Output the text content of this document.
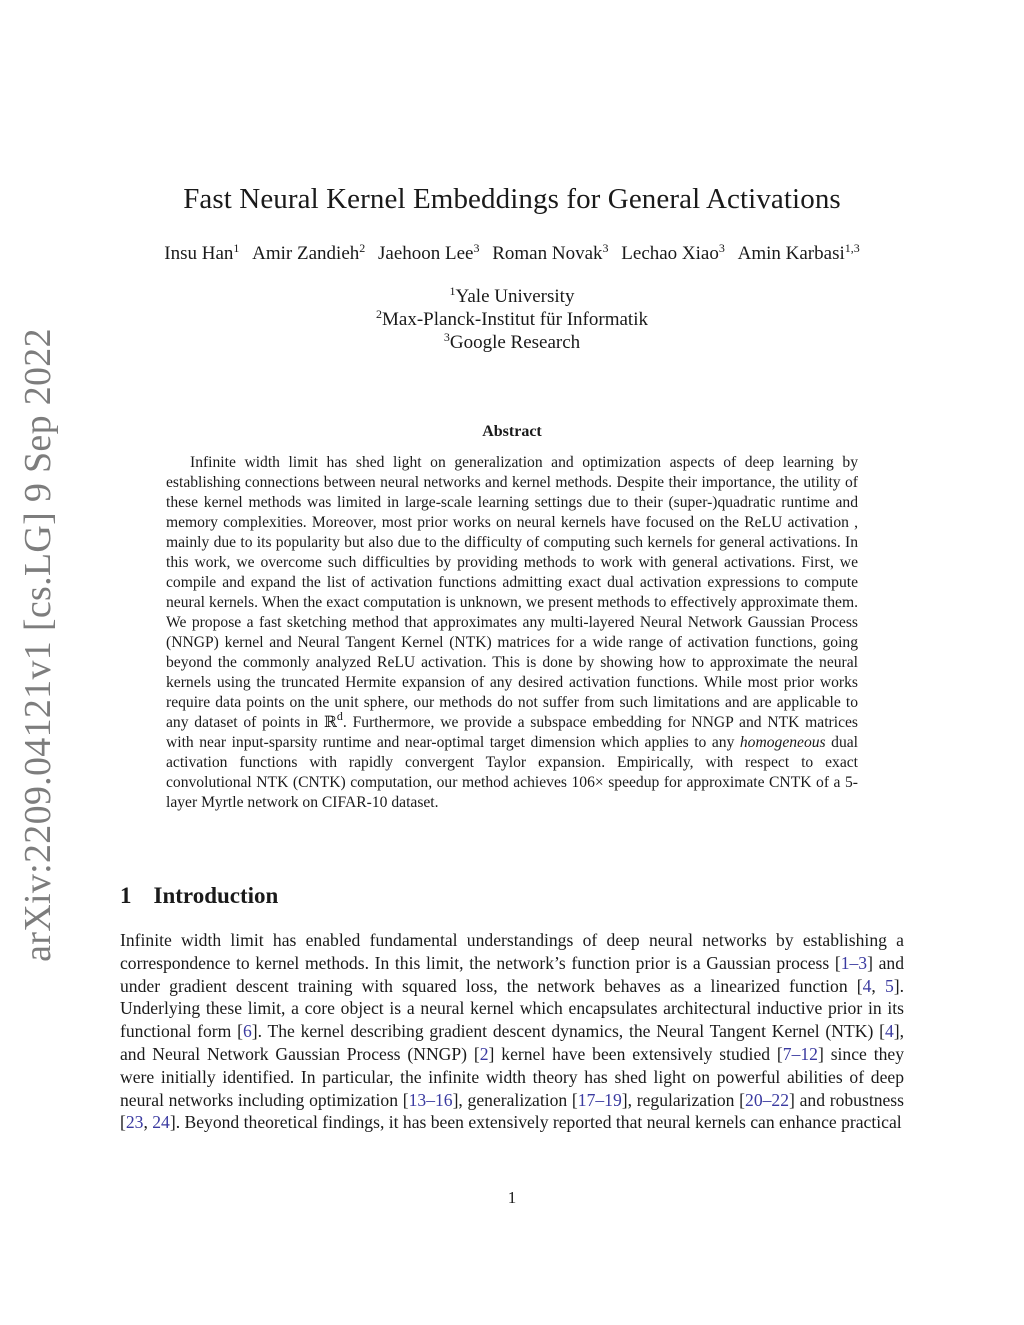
arXiv:2209.04121v1 [cs.LG] 9 Sep 2022
Fast Neural Kernel Embeddings for General Activations
Insu Han$^1$ Amir Zandieh$^2$ Jaehoon Lee$^3$ Roman Novak$^3$ Lechao Xiao$^3$ Amin Karbasi$^{1,3}$
$^1$Yale University
$^2$Max-Planck-Institut für Informatik
$^3$Google Research
Abstract

Infinite width limit has shed light on generalization and optimization aspects of deep learning by establishing connections between neural networks and kernel methods. Despite their importance, the utility of these kernel methods was limited in large-scale learning settings due to their (super-)quadratic runtime and memory complexities. Moreover, most prior works on neural kernels have focused on the ReLU activation , mainly due to its popularity but also due to the difficulty of computing such kernels for general activations. In this work, we overcome such difficulties by providing methods to work with general activations. First, we compile and expand the list of activation functions admitting exact dual activation expressions to compute neural kernels. When the exact computation is unknown, we present methods to effectively approximate them. We propose a fast sketching method that approximates any multi-layered Neural Network Gaussian Process (NNGP) kernel and Neural Tangent Kernel (NTK) matrices for a wide range of activation functions, going beyond the commonly analyzed ReLU activation. This is done by showing how to approximate the neural kernels using the truncated Hermite expansion of any desired activation functions. While most prior works require data points on the unit sphere, our methods do not suffer from such limitations and are applicable to any dataset of points in ℝ$^d$. Furthermore, we provide a subspace embedding for NNGP and NTK matrices with near input-sparsity runtime and near-optimal target dimension which applies to any homogeneous dual activation functions with rapidly convergent Taylor expansion. Empirically, with respect to exact convolutional NTK (CNTK) computation, our method achieves 106× speedup for approximate CNTK of a 5-layer Myrtle network on CIFAR-10 dataset.

1 Introduction

Infinite width limit has enabled fundamental understandings of deep neural networks by establishing a correspondence to kernel methods. In this limit, the network’s function prior is a Gaussian process [1–3] and under gradient descent training with squared loss, the network behaves as a linearized function [4, 5]. Underlying these limit, a core object is a neural kernel which encapsulates architectural inductive prior in its functional form [6]. The kernel describing gradient descent dynamics, the Neural Tangent Kernel (NTK) [4], and Neural Network Gaussian Process (NNGP) [2] kernel have been extensively studied [7–12] since they were initially identified. In particular, the infinite width theory has shed light on powerful abilities of deep neural networks including optimization [13–16], generalization [17–19], regularization [20–22] and robustness [23, 24]. Beyond theoretical findings, it has been extensively reported that neural kernels can enhance practical

1
